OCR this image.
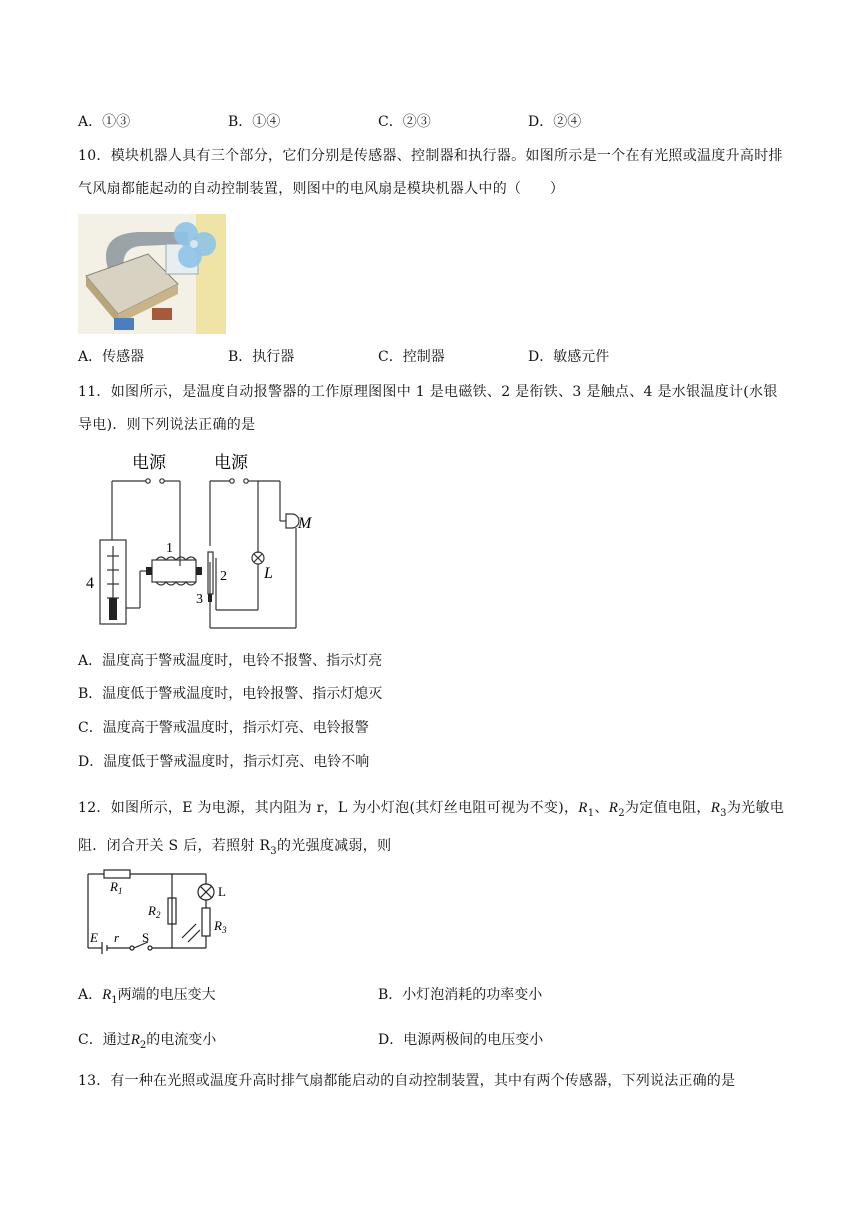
A．①③	B．①④	C．②③	D．②④
10．模块机器人具有三个部分，它们分别是传感器、控制器和执行器。如图所示是一个在有光照或温度升高时排气风扇都能起动的自动控制装置，则图中的电风扇是模块机器人中的（　　）
A．传感器	B．执行器	C．控制器	D．敏感元件
11．如图所示，是温度自动报警器的工作原理图图中 1 是电磁铁、2 是衔铁、3 是触点、4 是水银温度计(水银导电)．则下列说法正确的是
电源	电源
1
2
3
4
M
L
A．温度高于警戒温度时，电铃不报警、指示灯亮
B．温度低于警戒温度时，电铃报警、指示灯熄灭
C．温度高于警戒温度时，指示灯亮、电铃报警
D．温度低于警戒温度时，指示灯亮、电铃不响
12．如图所示，E 为电源，其内阻为 r，L 为小灯泡(其灯丝电阻可视为不变)，$R_1$、$R_2$为定值电阻，$R_3$为光敏电阻．闭合开关 S 后，若照射 $R_3$的光强度减弱，则
$R_1$
$R_2$
$R_3$
L
E r S
A．$R_1$两端的电压变大	B．小灯泡消耗的功率变小
C．通过$R_2$的电流变小	D．电源两极间的电压变小
13．有一种在光照或温度升高时排气扇都能启动的自动控制装置，其中有两个传感器，下列说法正确的是
